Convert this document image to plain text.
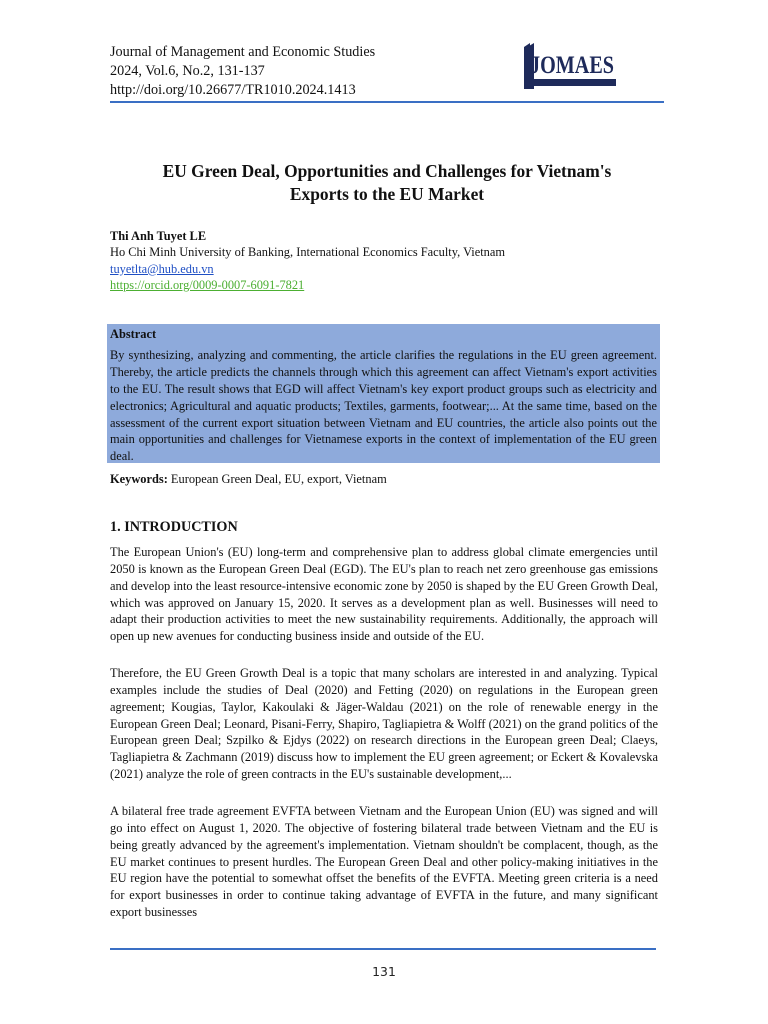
Journal of Management and Economic Studies
2024, Vol.6, No.2, 131-137
http://doi.org/10.26677/TR1010.2024.1413
JOMAES
EU Green Deal, Opportunities and Challenges for Vietnam's
Exports to the EU Market
Thi Anh Tuyet LE
Ho Chi Minh University of Banking, International Economics Faculty, Vietnam
tuyetlta@hub.edu.vn
https://orcid.org/0009-0007-6091-7821
Abstract
By synthesizing, analyzing and commenting, the article clarifies the regulations in the EU green agreement. Thereby, the article predicts the channels through which this agreement can affect Vietnam's export activities to the EU. The result shows that EGD will affect Vietnam's key export product groups such as electricity and electronics; Agricultural and aquatic products; Textiles, garments, footwear;... At the same time, based on the assessment of the current export situation between Vietnam and EU countries, the article also points out the main opportunities and challenges for Vietnamese exports in the context of implementation of the EU green deal.
Keywords: European Green Deal, EU, export, Vietnam
1. INTRODUCTION
The European Union's (EU) long-term and comprehensive plan to address global climate emergencies until 2050 is known as the European Green Deal (EGD). The EU's plan to reach net zero greenhouse gas emissions and develop into the least resource-intensive economic zone by 2050 is shaped by the EU Green Growth Deal, which was approved on January 15, 2020. It serves as a development plan as well. Businesses will need to adapt their production activities to meet the new sustainability requirements. Additionally, the approach will open up new avenues for conducting business inside and outside of the EU.
Therefore, the EU Green Growth Deal is a topic that many scholars are interested in and analyzing. Typical examples include the studies of Deal (2020) and Fetting (2020) on regulations in the European green agreement; Kougias, Taylor, Kakoulaki & Jäger-Waldau (2021) on the role of renewable energy in the European Green Deal; Leonard, Pisani-Ferry, Shapiro, Tagliapietra & Wolff (2021) on the grand politics of the European green Deal; Szpilko & Ejdys (2022) on research directions in the European green Deal; Claeys, Tagliapietra & Zachmann (2019) discuss how to implement the EU green agreement; or Eckert & Kovalevska (2021) analyze the role of green contracts in the EU's sustainable development,...
A bilateral free trade agreement EVFTA between Vietnam and the European Union (EU) was signed and will go into effect on August 1, 2020. The objective of fostering bilateral trade between Vietnam and the EU is being greatly advanced by the agreement's implementation. Vietnam shouldn't be complacent, though, as the EU market continues to present hurdles. The European Green Deal and other policy-making initiatives in the EU region have the potential to somewhat offset the benefits of the EVFTA. Meeting green criteria is a need for export businesses in order to continue taking advantage of EVFTA in the future, and many significant export businesses
131
